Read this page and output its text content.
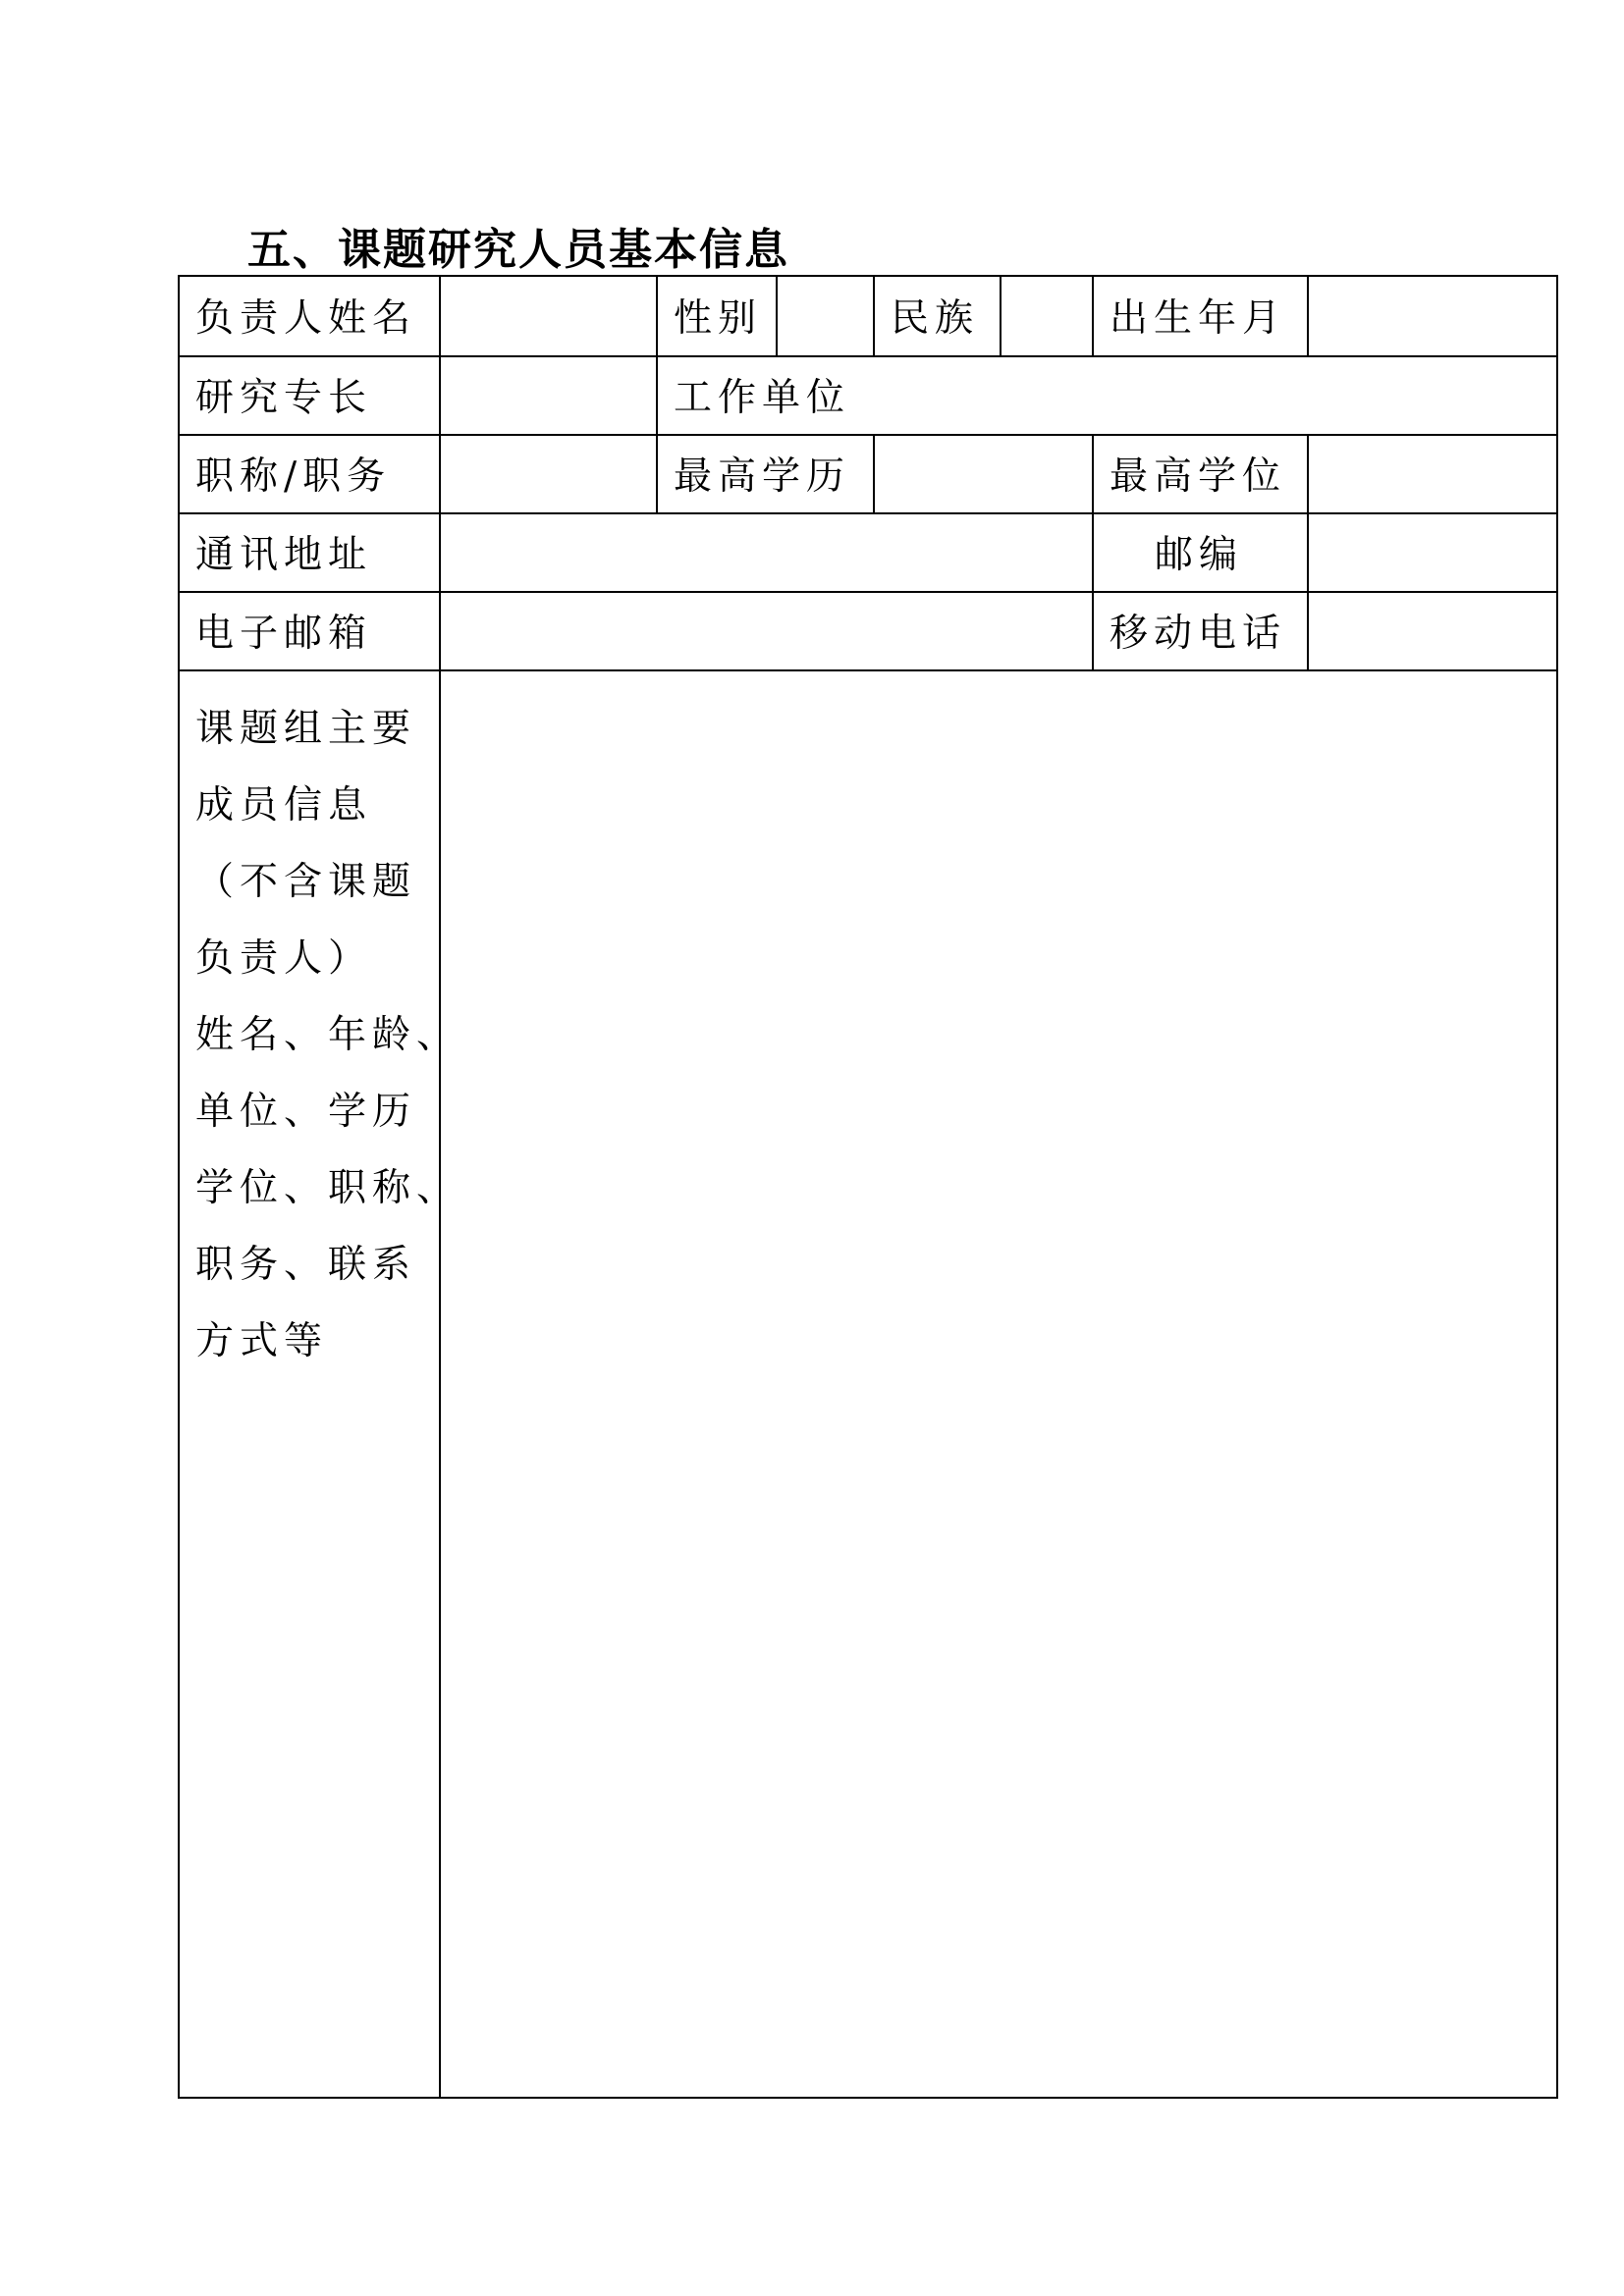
五、课题研究人员基本信息
负责人姓名	性别	民族	出生年月
研究专长	工作单位
职称/职务	最高学历	最高学位
通讯地址	邮编
电子邮箱	移动电话
课题组主要
成员信息
（不含课题
负责人）
姓名、年龄、
单位、学历
学位、职称、
职务、联系
方式等
